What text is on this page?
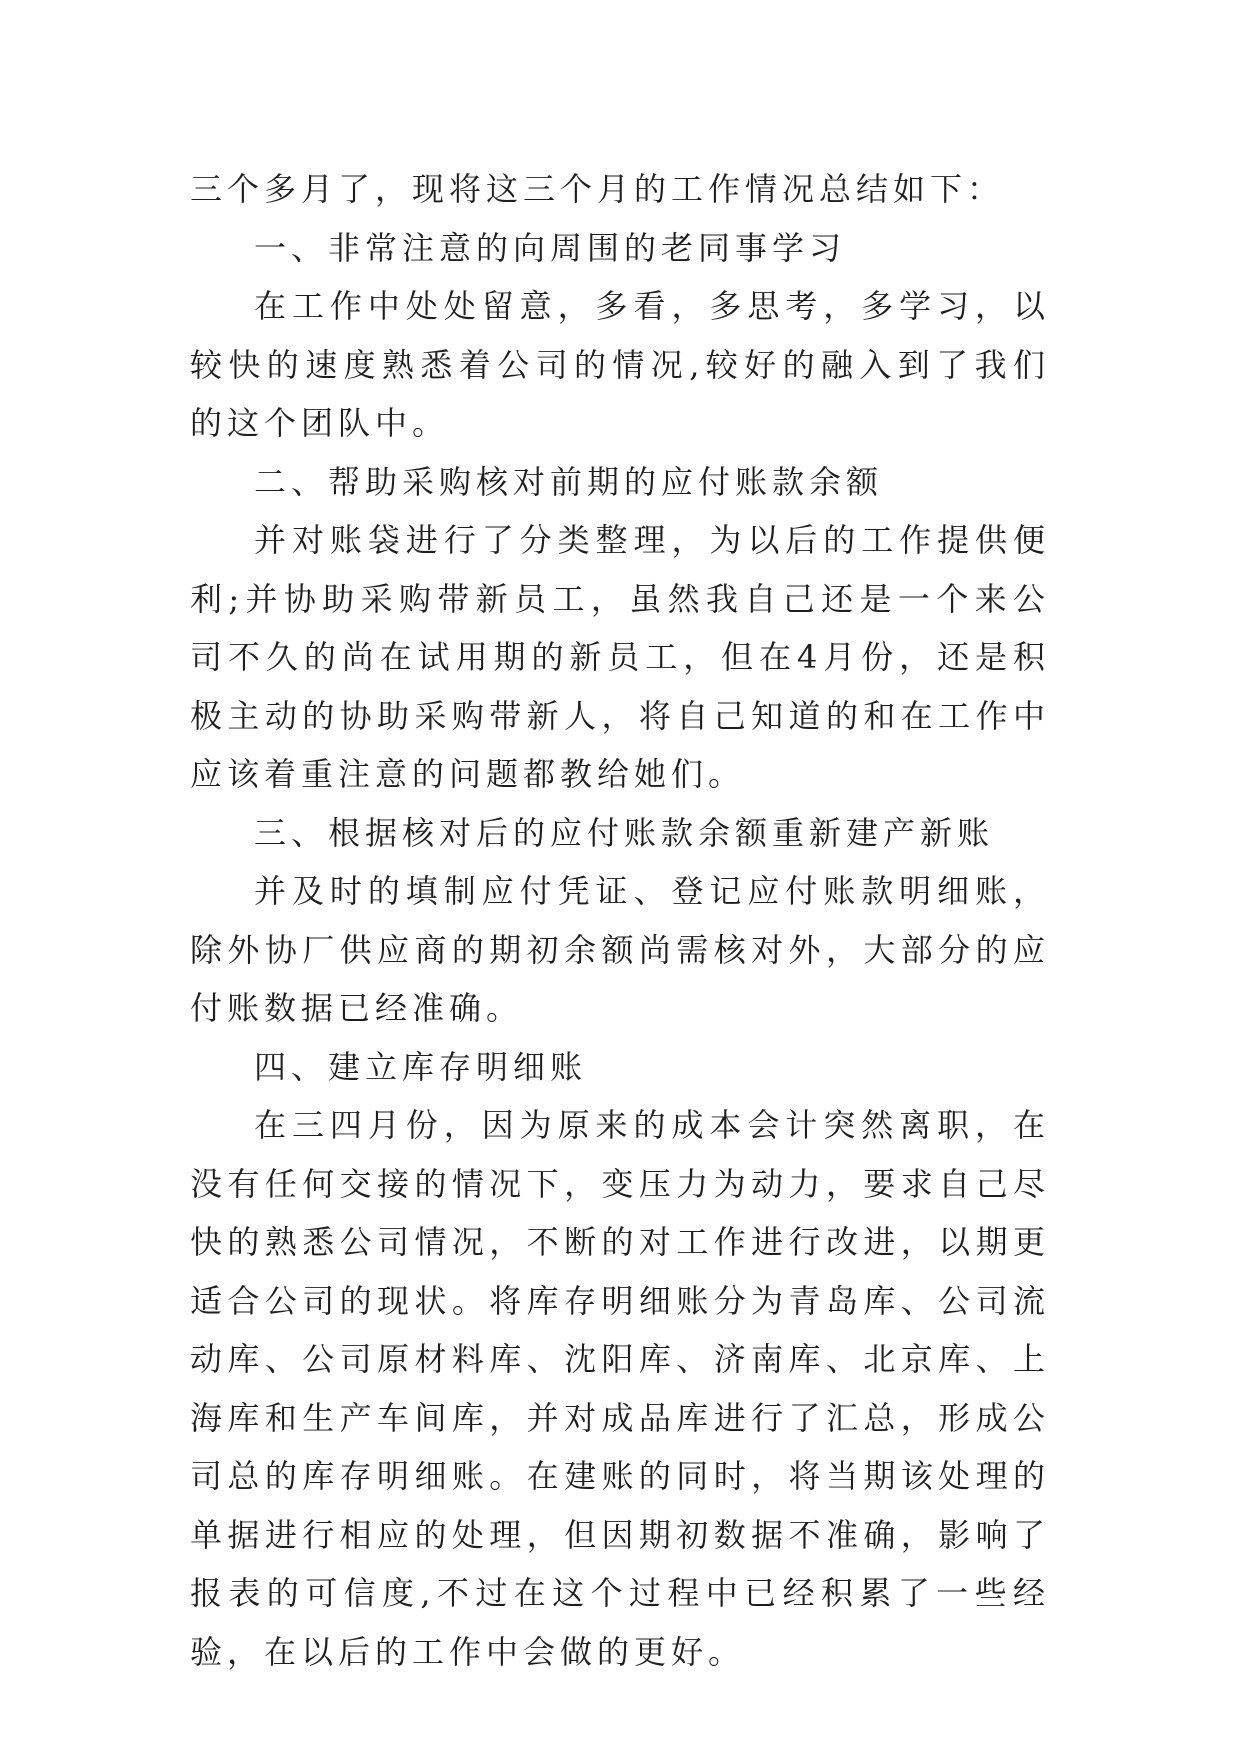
三个多月了，现将这三个月的工作情况总结如下：

一、非常注意的向周围的老同事学习

在工作中处处留意，多看，多思考，多学习，以较快的速度熟悉着公司的情况,较好的融入到了我们的这个团队中。

二、帮助采购核对前期的应付账款余额

并对账袋进行了分类整理，为以后的工作提供便利;并协助采购带新员工，虽然我自己还是一个来公司不久的尚在试用期的新员工，但在4月份，还是积极主动的协助采购带新人，将自己知道的和在工作中应该着重注意的问题都教给她们。

三、根据核对后的应付账款余额重新建产新账

并及时的填制应付凭证、登记应付账款明细账，除外协厂供应商的期初余额尚需核对外，大部分的应付账数据已经准确。

四、建立库存明细账

在三四月份，因为原来的成本会计突然离职，在没有任何交接的情况下，变压力为动力，要求自己尽快的熟悉公司情况，不断的对工作进行改进，以期更适合公司的现状。将库存明细账分为青岛库、公司流动库、公司原材料库、沈阳库、济南库、北京库、上海库和生产车间库，并对成品库进行了汇总，形成公司总的库存明细账。在建账的同时，将当期该处理的单据进行相应的处理，但因期初数据不准确，影响了报表的可信度,不过在这个过程中已经积累了一些经验，在以后的工作中会做的更好。
